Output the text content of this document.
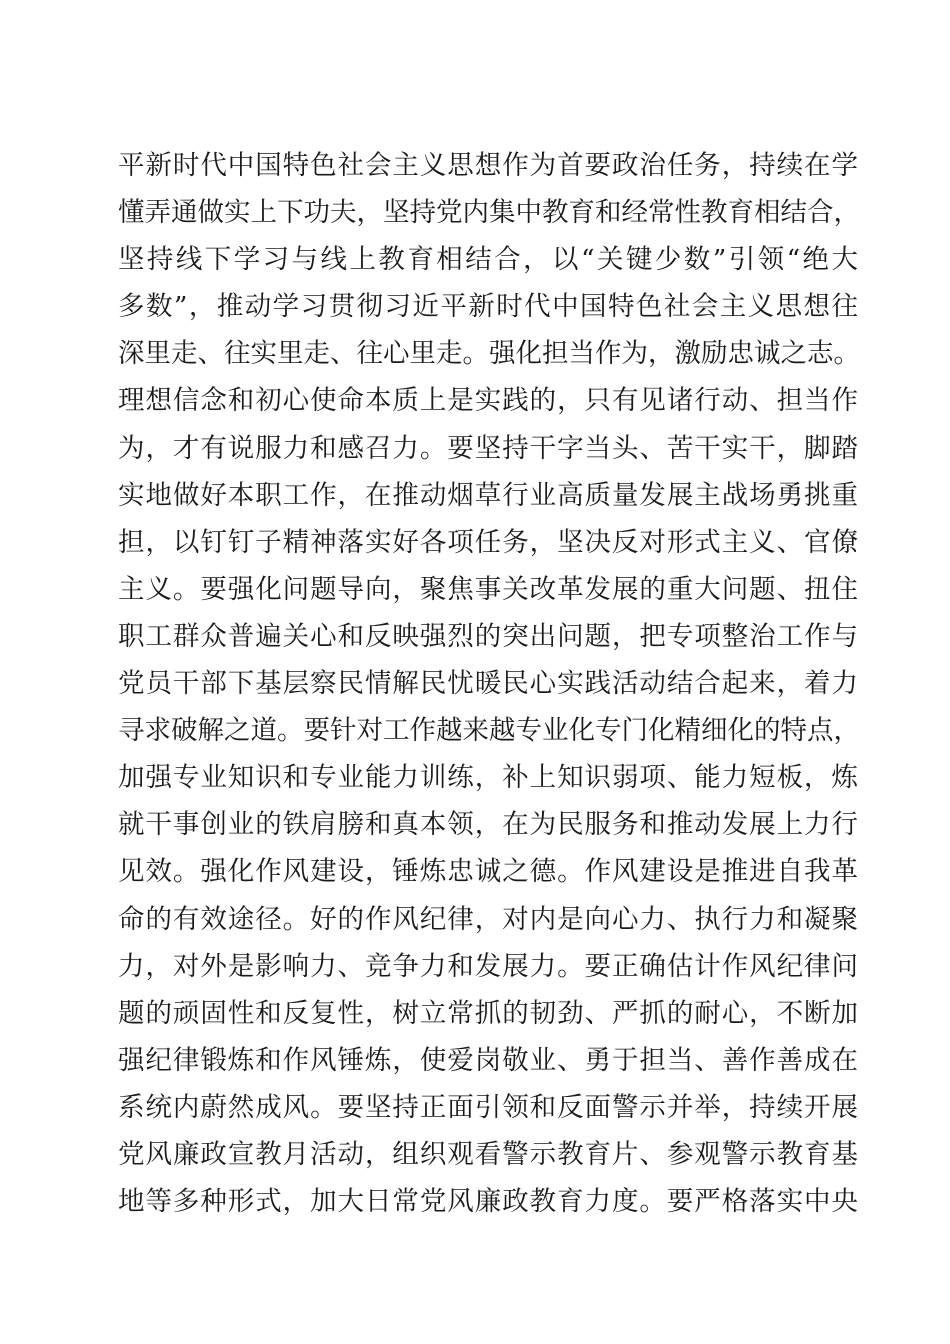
平新时代中国特色社会主义思想作为首要政治任务，持续在学
懂弄通做实上下功夫，坚持党内集中教育和经常性教育相结合，
坚持线下学习与线上教育相结合，以“关键少数”引领“绝大
多数”，推动学习贯彻习近平新时代中国特色社会主义思想往
深里走、往实里走、往心里走。强化担当作为，激励忠诚之志。
理想信念和初心使命本质上是实践的，只有见诸行动、担当作
为，才有说服力和感召力。要坚持干字当头、苦干实干，脚踏
实地做好本职工作，在推动烟草行业高质量发展主战场勇挑重
担，以钉钉子精神落实好各项任务，坚决反对形式主义、官僚
主义。要强化问题导向，聚焦事关改革发展的重大问题、扭住
职工群众普遍关心和反映强烈的突出问题，把专项整治工作与
党员干部下基层察民情解民忧暖民心实践活动结合起来，着力
寻求破解之道。要针对工作越来越专业化专门化精细化的特点，
加强专业知识和专业能力训练，补上知识弱项、能力短板，炼
就干事创业的铁肩膀和真本领，在为民服务和推动发展上力行
见效。强化作风建设，锤炼忠诚之德。作风建设是推进自我革
命的有效途径。好的作风纪律，对内是向心力、执行力和凝聚
力，对外是影响力、竞争力和发展力。要正确估计作风纪律问
题的顽固性和反复性，树立常抓的韧劲、严抓的耐心，不断加
强纪律锻炼和作风锤炼，使爱岗敬业、勇于担当、善作善成在
系统内蔚然成风。要坚持正面引领和反面警示并举，持续开展
党风廉政宣教月活动，组织观看警示教育片、参观警示教育基
地等多种形式，加大日常党风廉政教育力度。要严格落实中央
